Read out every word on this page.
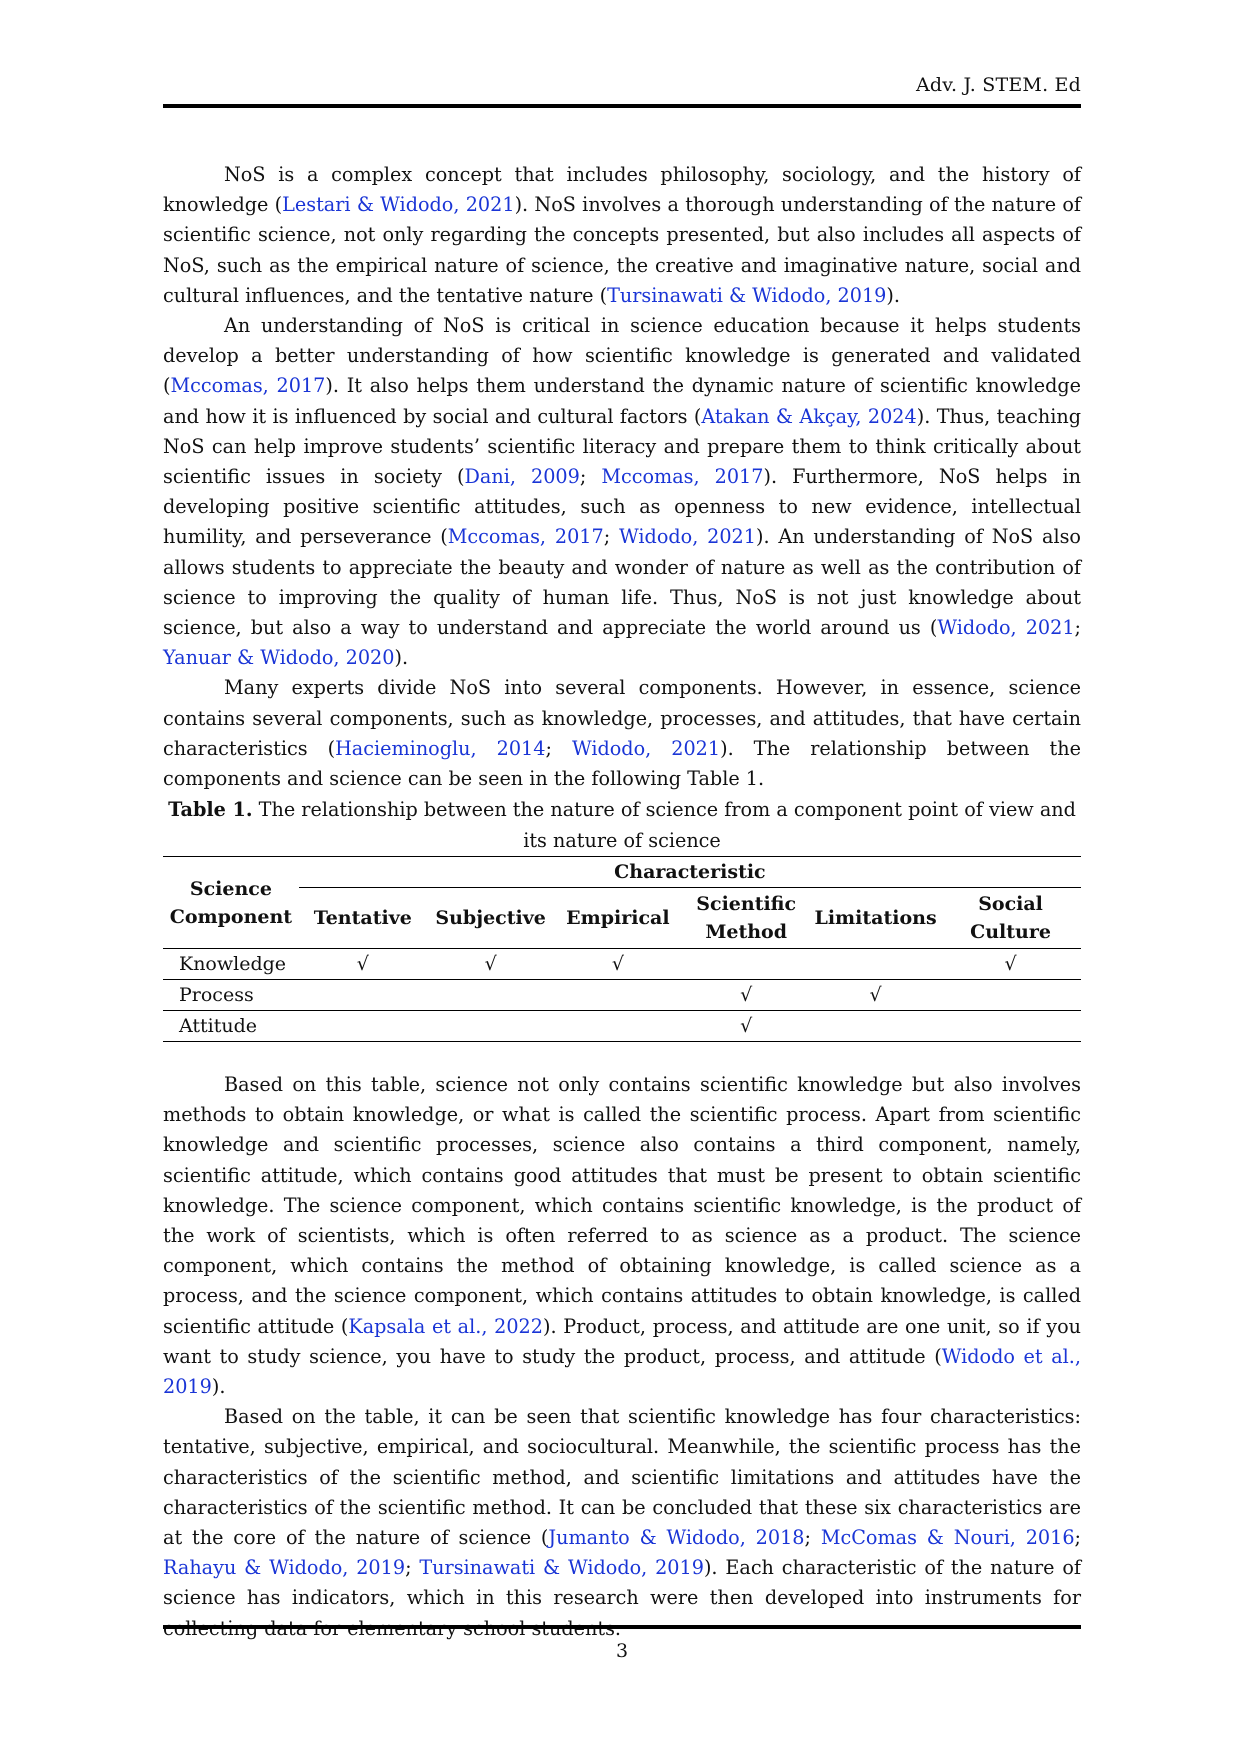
Adv. J. STEM. Ed

NoS is a complex concept that includes philosophy, sociology, and the history of knowledge (Lestari & Widodo, 2021). NoS involves a thorough understanding of the nature of scientific science, not only regarding the concepts presented, but also includes all aspects of NoS, such as the empirical nature of science, the creative and imaginative nature, social and cultural influences, and the tentative nature (Tursinawati & Widodo, 2019).

An understanding of NoS is critical in science education because it helps students develop a better understanding of how scientific knowledge is generated and validated (Mccomas, 2017). It also helps them understand the dynamic nature of scientific knowledge and how it is influenced by social and cultural factors (Atakan & Akçay, 2024). Thus, teaching NoS can help improve students’ scientific literacy and prepare them to think critically about scientific issues in society (Dani, 2009; Mccomas, 2017). Furthermore, NoS helps in developing positive scientific attitudes, such as openness to new evidence, intellectual humility, and perseverance (Mccomas, 2017; Widodo, 2021). An understanding of NoS also allows students to appreciate the beauty and wonder of nature as well as the contribution of science to improving the quality of human life. Thus, NoS is not just knowledge about science, but also a way to understand and appreciate the world around us (Widodo, 2021; Yanuar & Widodo, 2020).

Many experts divide NoS into several components. However, in essence, science contains several components, such as knowledge, processes, and attitudes, that have certain characteristics (Hacieminoglu, 2014; Widodo, 2021). The relationship between the components and science can be seen in the following Table 1.

Table 1. The relationship between the nature of science from a component point of view and its nature of science
Science Component	Characteristic					
	Tentative	Subjective	Empirical	Scientific Method	Limitations	Social Culture
Knowledge	√	√	√			√
Process				√	√	
Attitude				√		

Based on this table, science not only contains scientific knowledge but also involves methods to obtain knowledge, or what is called the scientific process. Apart from scientific knowledge and scientific processes, science also contains a third component, namely, scientific attitude, which contains good attitudes that must be present to obtain scientific knowledge. The science component, which contains scientific knowledge, is the product of the work of scientists, which is often referred to as science as a product. The science component, which contains the method of obtaining knowledge, is called science as a process, and the science component, which contains attitudes to obtain knowledge, is called scientific attitude (Kapsala et al., 2022). Product, process, and attitude are one unit, so if you want to study science, you have to study the product, process, and attitude (Widodo et al., 2019).

Based on the table, it can be seen that scientific knowledge has four characteristics: tentative, subjective, empirical, and sociocultural. Meanwhile, the scientific process has the characteristics of the scientific method, and scientific limitations and attitudes have the characteristics of the scientific method. It can be concluded that these six characteristics are at the core of the nature of science (Jumanto & Widodo, 2018; McComas & Nouri, 2016; Rahayu & Widodo, 2019; Tursinawati & Widodo, 2019). Each characteristic of the nature of science has indicators, which in this research were then developed into instruments for

3
